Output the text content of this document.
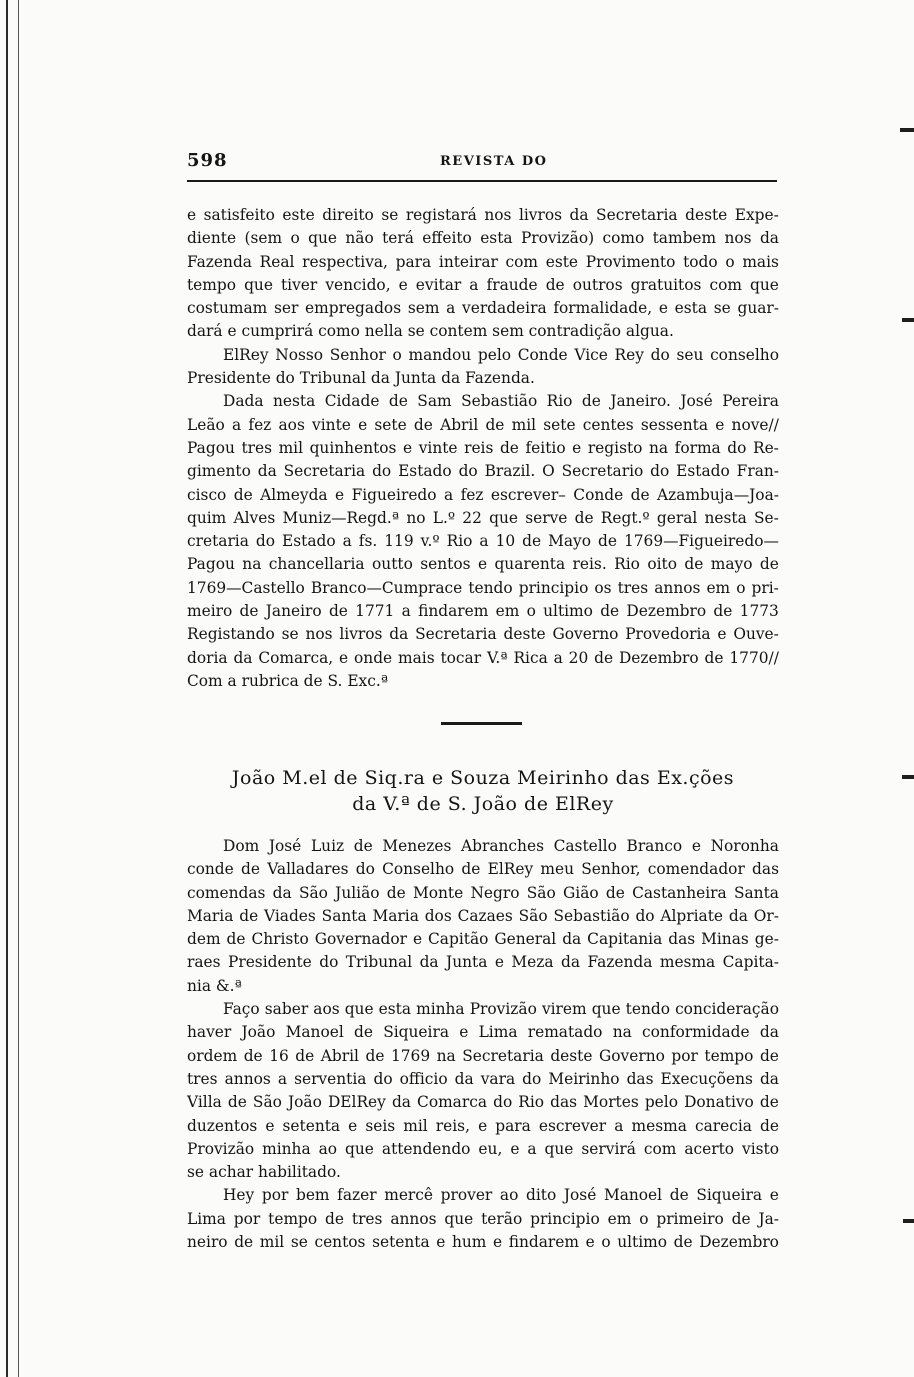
598	REVISTA DO
e satisfeito este direito se registará nos livros da Secretaria deste Expe-
diente (sem o que não terá effeito esta Provizão) como tambem nos da
Fazenda Real respectiva, para inteirar com este Provimento todo o mais
tempo que tiver vencido, e evitar a fraude de outros gratuitos com que
costumam ser empregados sem a verdadeira formalidade, e esta se guar-
dará e cumprirá como nella se contem sem contradição algua.
ElRey Nosso Senhor o mandou pelo Conde Vice Rey do seu conselho
Presidente do Tribunal da Junta da Fazenda.
Dada nesta Cidade de Sam Sebastião Rio de Janeiro. José Pereira
Leão a fez aos vinte e sete de Abril de mil sete centes sessenta e nove//
Pagou tres mil quinhentos e vinte reis de feitio e registo na forma do Re-
gimento da Secretaria do Estado do Brazil. O Secretario do Estado Fran-
cisco de Almeyda e Figueiredo a fez escrever– Conde de Azambuja—Joa-
quim Alves Muniz—Regd.ª no L.º 22 que serve de Regt.º geral nesta Se-
cretaria do Estado a fs. 119 v.º Rio a 10 de Mayo de 1769—Figueiredo—
Pagou na chancellaria outto sentos e quarenta reis. Rio oito de mayo de
1769—Castello Branco—Cumprace tendo principio os tres annos em o pri-
meiro de Janeiro de 1771 a findarem em o ultimo de Dezembro de 1773
Registando se nos livros da Secretaria deste Governo Provedoria e Ouve-
doria da Comarca, e onde mais tocar V.ª Rica a 20 de Dezembro de 1770//
Com a rubrica de S. Exc.ª
João M.el de Siq.ra e Souza Meirinho das Ex.ções
da V.ª de S. João de ElRey
Dom José Luiz de Menezes Abranches Castello Branco e Noronha
conde de Valladares do Conselho de ElRey meu Senhor, comendador das
comendas da São Julião de Monte Negro São Gião de Castanheira Santa
Maria de Viades Santa Maria dos Cazaes São Sebastião do Alpriate da Or-
dem de Christo Governador e Capitão General da Capitania das Minas ge-
raes Presidente do Tribunal da Junta e Meza da Fazenda mesma Capita-
nia &.ª
Faço saber aos que esta minha Provizão virem que tendo concideração
haver João Manoel de Siqueira e Lima rematado na conformidade da
ordem de 16 de Abril de 1769 na Secretaria deste Governo por tempo de
tres annos a serventia do officio da vara do Meirinho das Execuçõens da
Villa de São João DElRey da Comarca do Rio das Mortes pelo Donativo de
duzentos e setenta e seis mil reis, e para escrever a mesma carecia de
Provizão minha ao que attendendo eu, e a que servirá com acerto visto
se achar habilitado.
Hey por bem fazer mercê prover ao dito José Manoel de Siqueira e
Lima por tempo de tres annos que terão principio em o primeiro de Ja-
neiro de mil se centos setenta e hum e findarem e o ultimo de Dezembro
